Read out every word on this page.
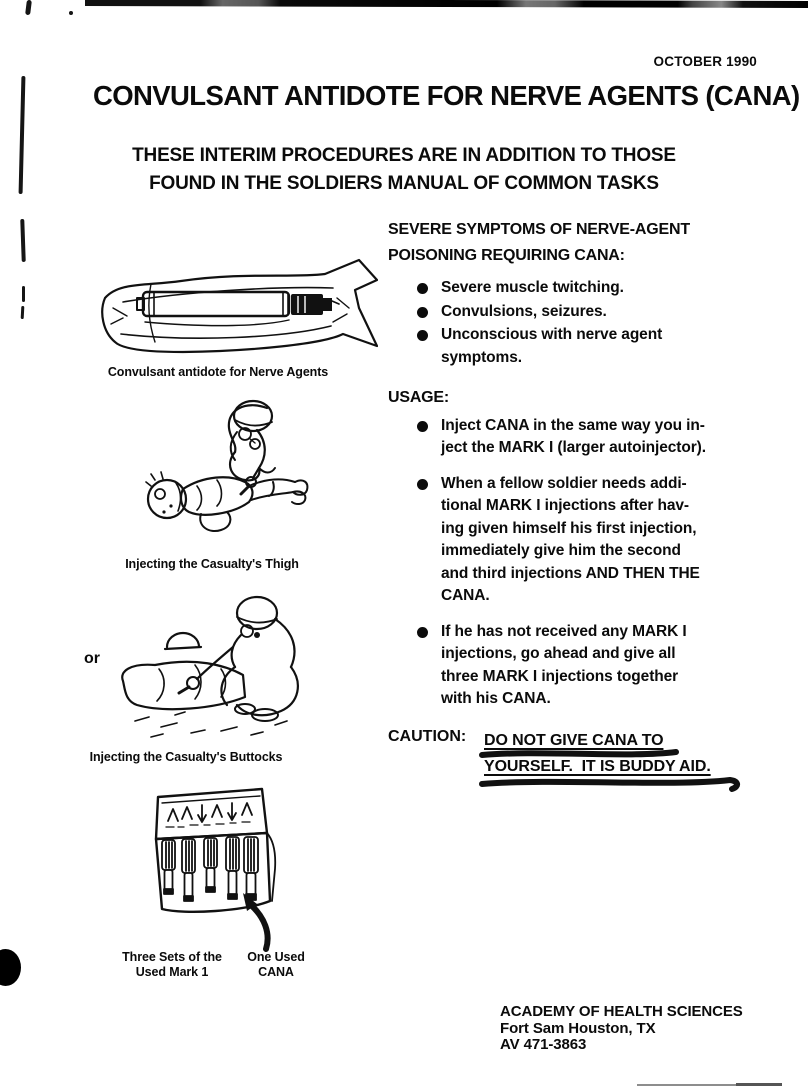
OCTOBER 1990
CONVULSANT ANTIDOTE FOR NERVE AGENTS (CANA)
THESE INTERIM PROCEDURES ARE IN ADDITION TO THOSE
FOUND IN THE SOLDIERS MANUAL OF COMMON TASKS
Convulsant antidote for Nerve Agents
Injecting the Casualty's Thigh
or
Injecting the Casualty's Buttocks
Three Sets of the
Used Mark 1
One Used
CANA
SEVERE SYMPTOMS OF NERVE-AGENT
POISONING REQUIRING CANA:
Severe muscle twitching.
Convulsions, seizures.
Unconscious with nerve agent
symptoms.
USAGE:
Inject CANA in the same way you in-
ject the MARK I (larger autoinjector).
When a fellow soldier needs addi-
tional MARK I injections after hav-
ing given himself his first injection,
immediately give him the second
and third injections AND THEN THE
CANA.
If he has not received any MARK I
injections, go ahead and give all
three MARK I injections together
with his CANA.
CAUTION:	DO NOT GIVE CANA TO
YOURSELF.  IT IS BUDDY AID.
ACADEMY OF HEALTH SCIENCES
Fort Sam Houston, TX
AV 471-3863
